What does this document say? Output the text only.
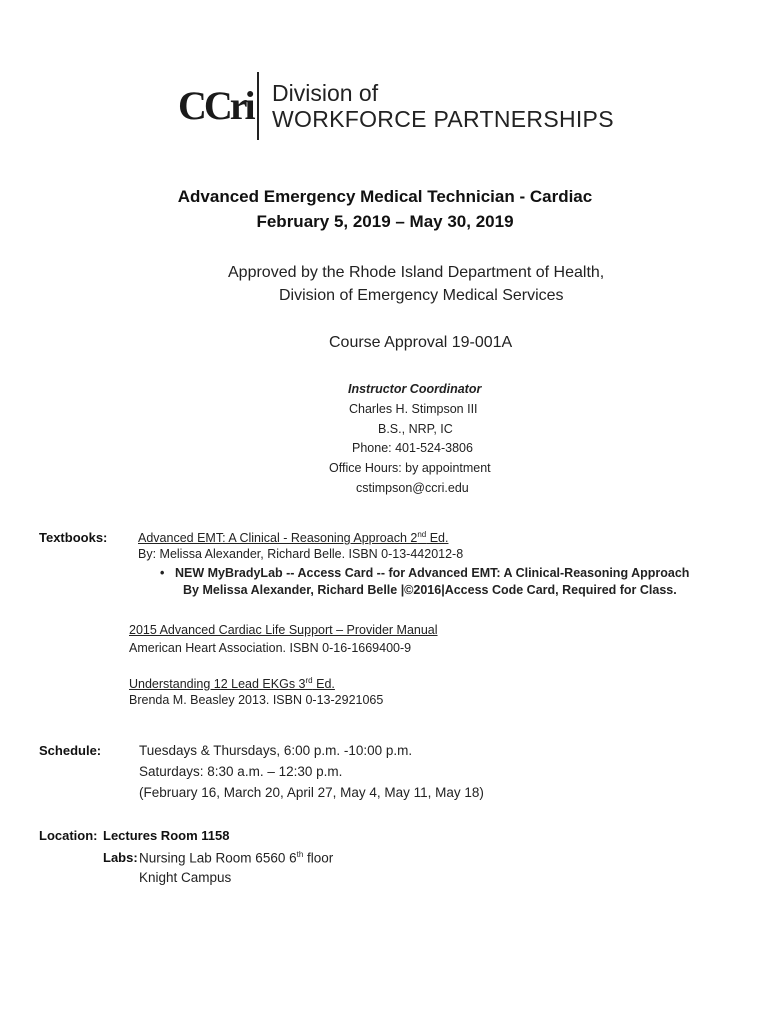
CCri Division of
WORKFORCE PARTNERSHIPS
Advanced Emergency Medical Technician - Cardiac
February 5, 2019 – May 30, 2019
Approved by the Rhode Island Department of Health,
Division of Emergency Medical Services
Course Approval 19-001A
Instructor Coordinator
Charles H. Stimpson III
B.S., NRP, IC
Phone: 401-524-3806
Office Hours: by appointment
cstimpson@ccri.edu
Textbooks: Advanced EMT: A Clinical - Reasoning Approach 2nd Ed.
By: Melissa Alexander, Richard Belle. ISBN 0-13-442012-8
• NEW MyBradyLab -- Access Card -- for Advanced EMT: A Clinical-Reasoning Approach
By Melissa Alexander, Richard Belle |©2016|Access Code Card, Required for Class.
2015 Advanced Cardiac Life Support – Provider Manual
American Heart Association. ISBN 0-16-1669400-9
Understanding 12 Lead EKGs 3rd Ed.
Brenda M. Beasley 2013. ISBN 0-13-2921065
Schedule:	Tuesdays & Thursdays, 6:00 p.m. -10:00 p.m.
Saturdays: 8:30 a.m. – 12:30 p.m.
(February 16, March 20, April 27, May 4, May 11, May 18)
Location: Lectures Room 1158
Labs: Nursing Lab Room 6560 6th floor
Knight Campus
